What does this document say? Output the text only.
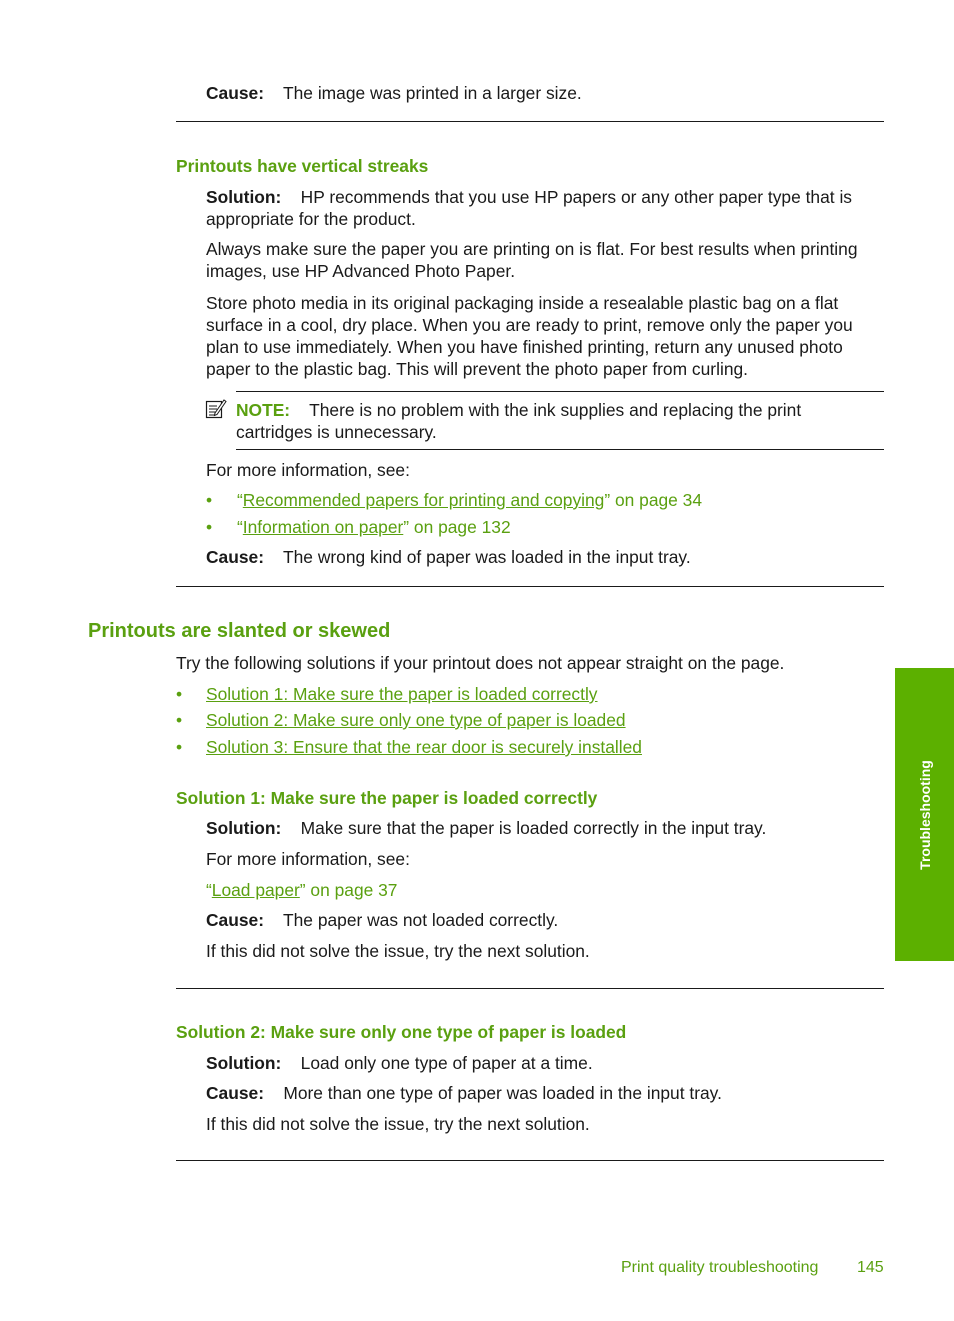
Cause: The image was printed in a larger size.
Printouts have vertical streaks
Solution: HP recommends that you use HP papers or any other paper type that is appropriate for the product.
Always make sure the paper you are printing on is flat. For best results when printing images, use HP Advanced Photo Paper.
Store photo media in its original packaging inside a resealable plastic bag on a flat surface in a cool, dry place. When you are ready to print, remove only the paper you plan to use immediately. When you have finished printing, return any unused photo paper to the plastic bag. This will prevent the photo paper from curling.
NOTE: There is no problem with the ink supplies and replacing the print cartridges is unnecessary.
For more information, see:
• “Recommended papers for printing and copying” on page 34
• “Information on paper” on page 132
Cause: The wrong kind of paper was loaded in the input tray.
Printouts are slanted or skewed
Try the following solutions if your printout does not appear straight on the page.
• Solution 1: Make sure the paper is loaded correctly
• Solution 2: Make sure only one type of paper is loaded
• Solution 3: Ensure that the rear door is securely installed
Solution 1: Make sure the paper is loaded correctly
Solution: Make sure that the paper is loaded correctly in the input tray.
For more information, see:
“Load paper” on page 37
Cause: The paper was not loaded correctly.
If this did not solve the issue, try the next solution.
Solution 2: Make sure only one type of paper is loaded
Solution: Load only one type of paper at a time.
Cause: More than one type of paper was loaded in the input tray.
If this did not solve the issue, try the next solution.
Troubleshooting
Print quality troubleshooting 145
